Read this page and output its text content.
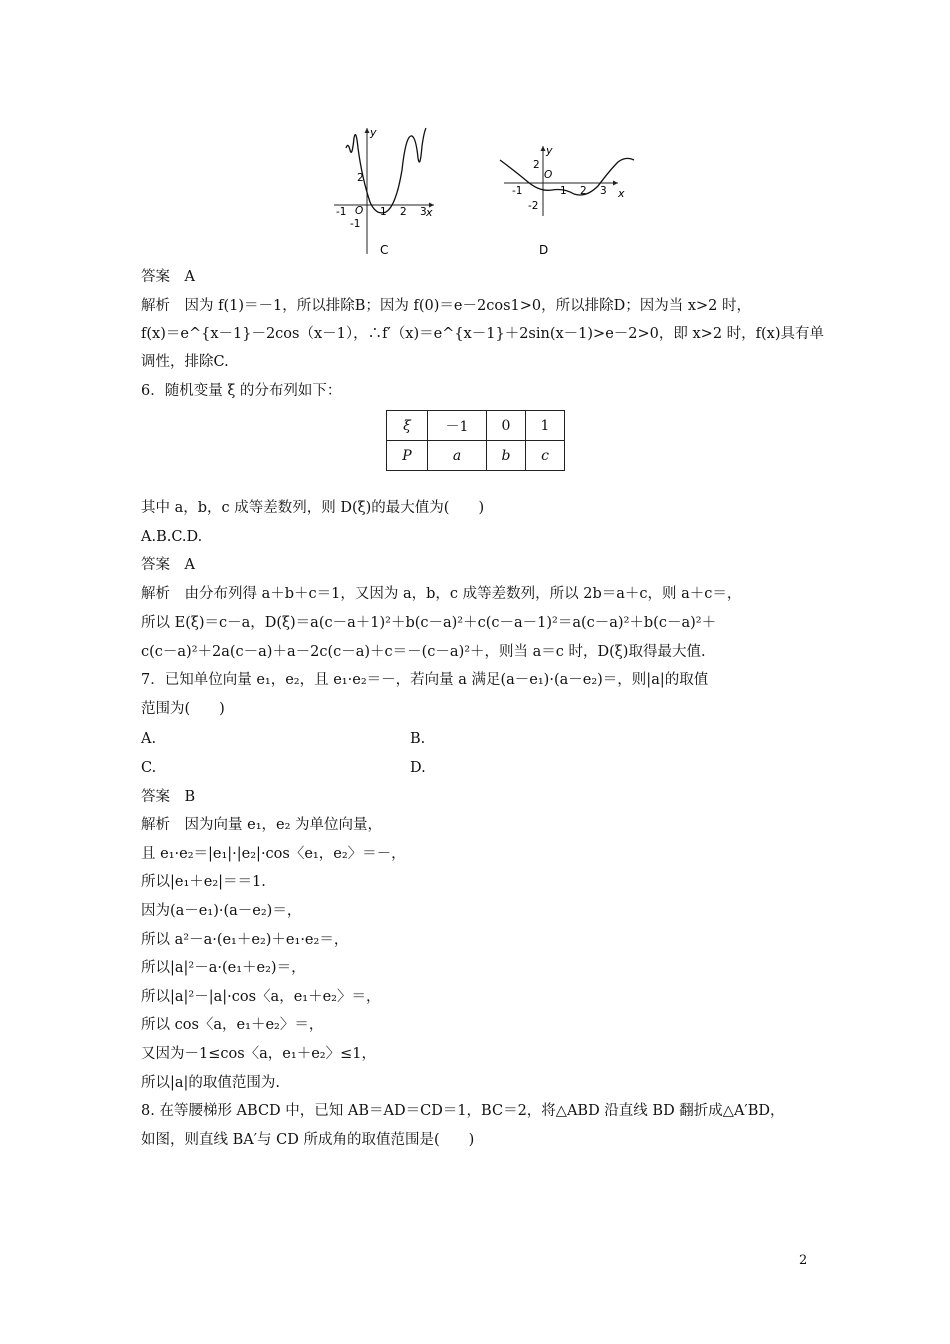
y
x
O
-1	1 2 3
2
-1
C
y
x
O
-1	1 2 3
2
-2
D
答案　A
解析　因为 f(1)＝－1，所以排除B；因为 f(0)＝e－2cos1>0，所以排除D；因为当 x>2 时，
f(x)＝e^{x－1}－2cos（x－1），∴f′（x)＝e^{x－1}＋2sin(x－1)>e－2>0，即 x>2 时，f(x)具有单
调性，排除C.
6．随机变量 ξ 的分布列如下：
ξ	－1	0	1
P	a	b	c
其中 a，b，c 成等差数列，则 D(ξ)的最大值为(　　)
A.B.C.D.
答案　A
解析　由分布列得 a＋b＋c＝1，又因为 a，b，c 成等差数列，所以 2b＝a＋c，则 a＋c＝，
所以 E(ξ)＝c－a，D(ξ)＝a(c－a＋1)²＋b(c－a)²＋c(c－a－1)²＝a(c－a)²＋b(c－a)²＋
c(c－a)²＋2a(c－a)＋a－2c(c－a)＋c＝－(c－a)²＋，则当 a＝c 时，D(ξ)取得最大值.
7．已知单位向量 e₁，e₂，且 e₁·e₂＝－，若向量 a 满足(a－e₁)·(a－e₂)＝，则|a|的取值
范围为(　　)
A.	B.
C.	D.
答案　B
解析　因为向量 e₁，e₂ 为单位向量，
且 e₁·e₂＝|e₁|·|e₂|·cos〈e₁，e₂〉＝－，
所以|e₁＋e₂|＝＝1.
因为(a－e₁)·(a－e₂)＝，
所以 a²－a·(e₁＋e₂)＋e₁·e₂＝，
所以|a|²－a·(e₁＋e₂)＝，
所以|a|²－|a|·cos〈a，e₁＋e₂〉＝，
所以 cos〈a，e₁＋e₂〉＝，
又因为－1≤cos〈a，e₁＋e₂〉≤1，
所以|a|的取值范围为.
8. 在等腰梯形 ABCD 中，已知 AB＝AD＝CD＝1，BC＝2，将△ABD 沿直线 BD 翻折成△A′BD，
如图，则直线 BA′与 CD 所成角的取值范围是(　　)
2
